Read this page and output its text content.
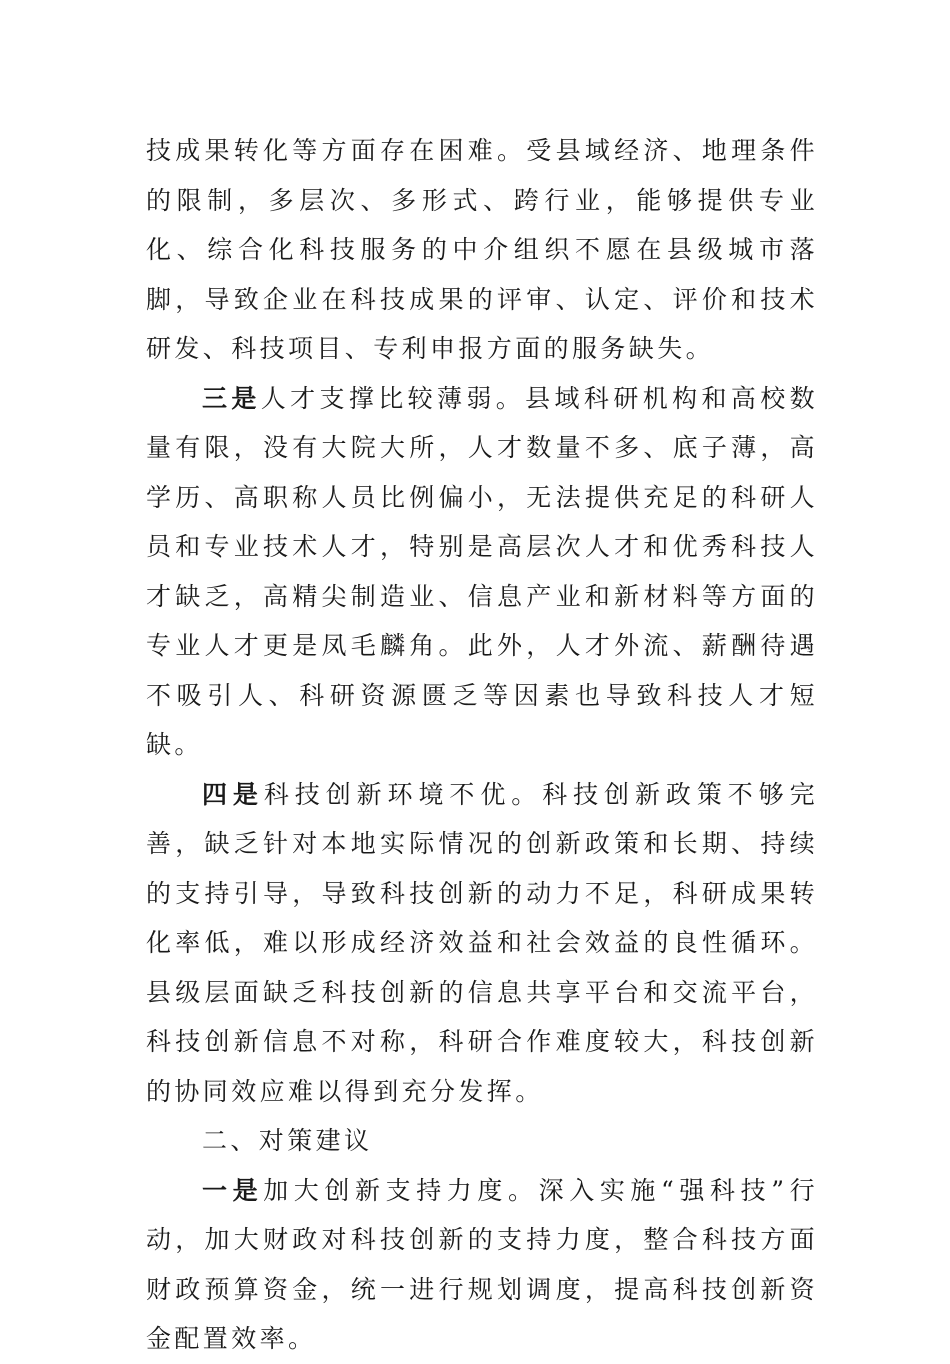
技成果转化等方面存在困难。受县域经济、地理条件的限制，多层次、多形式、跨行业，能够提供专业化、综合化科技服务的中介组织不愿在县级城市落脚，导致企业在科技成果的评审、认定、评价和技术研发、科技项目、专利申报方面的服务缺失。

三是人才支撑比较薄弱。县域科研机构和高校数量有限，没有大院大所，人才数量不多、底子薄，高学历、高职称人员比例偏小，无法提供充足的科研人员和专业技术人才，特别是高层次人才和优秀科技人才缺乏，高精尖制造业、信息产业和新材料等方面的专业人才更是凤毛麟角。此外，人才外流、薪酬待遇不吸引人、科研资源匮乏等因素也导致科技人才短缺。

四是科技创新环境不优。科技创新政策不够完善，缺乏针对本地实际情况的创新政策和长期、持续的支持引导，导致科技创新的动力不足，科研成果转化率低，难以形成经济效益和社会效益的良性循环。县级层面缺乏科技创新的信息共享平台和交流平台，科技创新信息不对称，科研合作难度较大，科技创新的协同效应难以得到充分发挥。

二、对策建议

一是加大创新支持力度。深入实施“强科技”行动，加大财政对科技创新的支持力度，整合科技方面财政预算资金，统一进行规划调度，提高科技创新资金配置效率。
